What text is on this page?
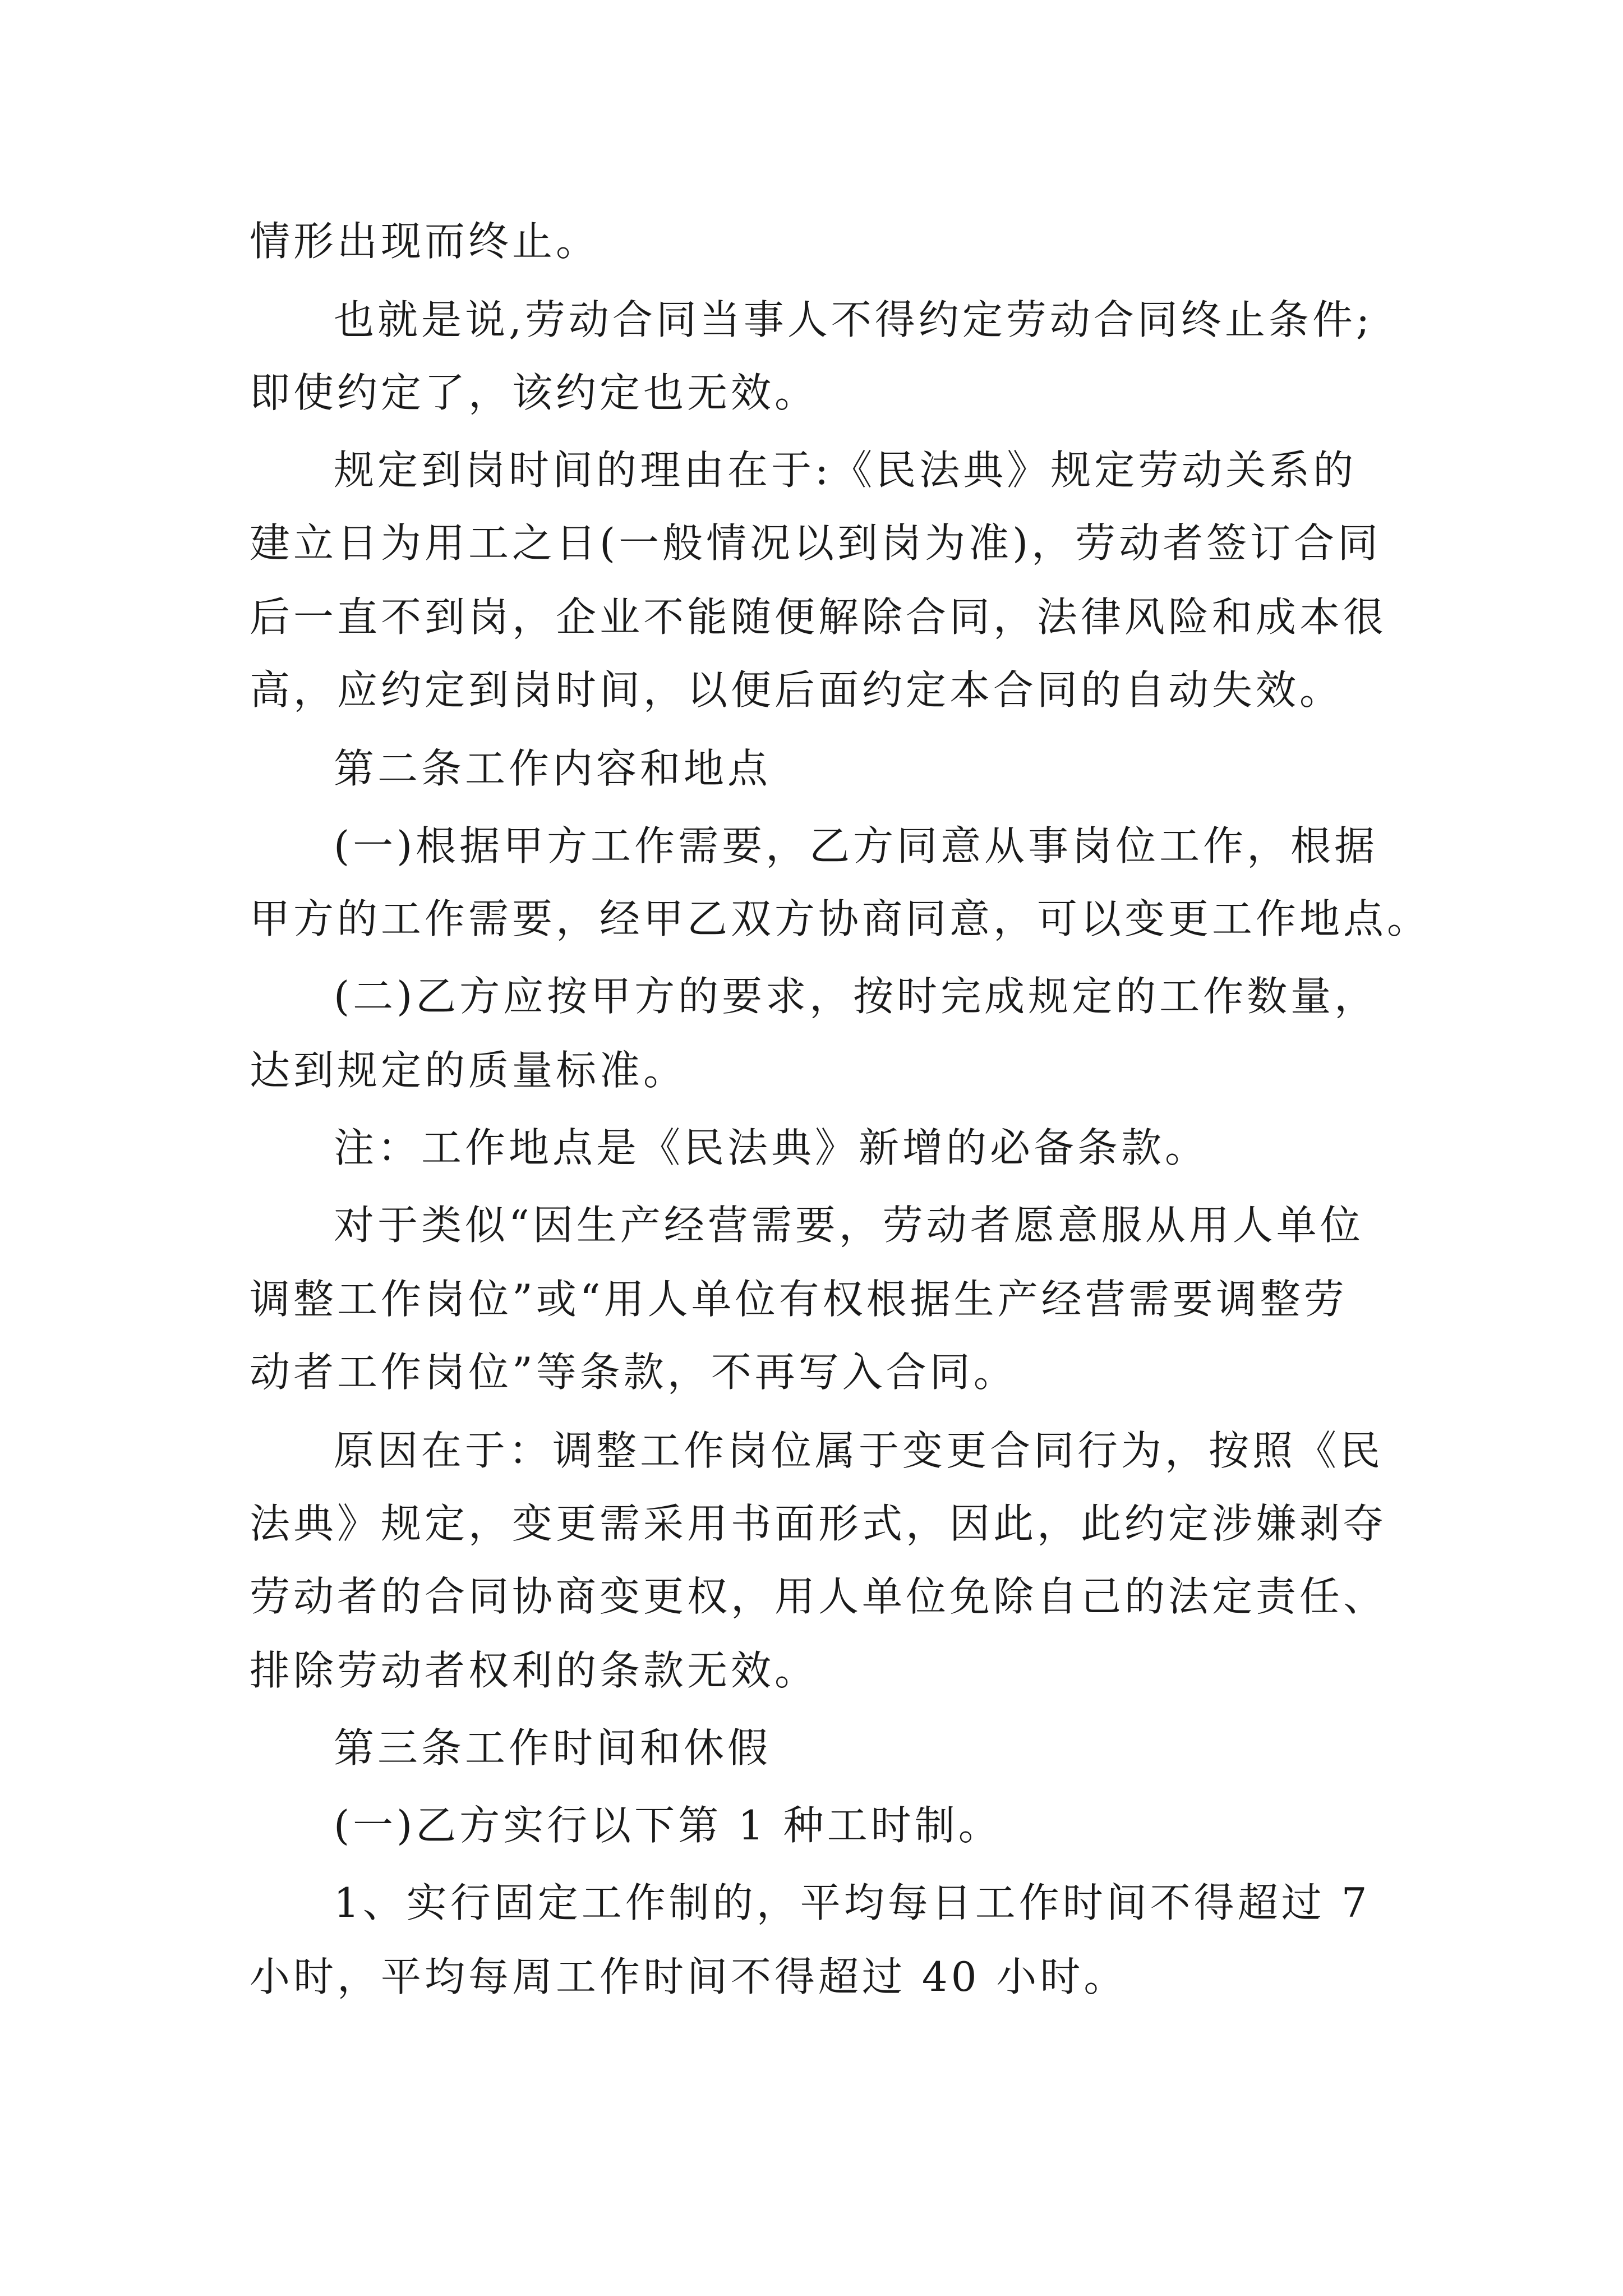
情形出现而终止。
也就是说,劳动合同当事人不得约定劳动合同终止条件;
即使约定了，该约定也无效。
规定到岗时间的理由在于:《民法典》规定劳动关系的
建立日为用工之日(一般情况以到岗为准)，劳动者签订合同
后一直不到岗，企业不能随便解除合同，法律风险和成本很
高，应约定到岗时间，以便后面约定本合同的自动失效。
第二条工作内容和地点
(一)根据甲方工作需要，乙方同意从事岗位工作，根据
甲方的工作需要，经甲乙双方协商同意，可以变更工作地点。
(二)乙方应按甲方的要求，按时完成规定的工作数量，
达到规定的质量标准。
注：工作地点是《民法典》新增的必备条款。
对于类似“因生产经营需要，劳动者愿意服从用人单位
调整工作岗位”或“用人单位有权根据生产经营需要调整劳
动者工作岗位”等条款，不再写入合同。
原因在于：调整工作岗位属于变更合同行为，按照《民
法典》规定，变更需采用书面形式，因此，此约定涉嫌剥夺
劳动者的合同协商变更权，用人单位免除自己的法定责任、
排除劳动者权利的条款无效。
第三条工作时间和休假
(一)乙方实行以下第 1 种工时制。
1、实行固定工作制的，平均每日工作时间不得超过 7
小时，平均每周工作时间不得超过 40 小时。
